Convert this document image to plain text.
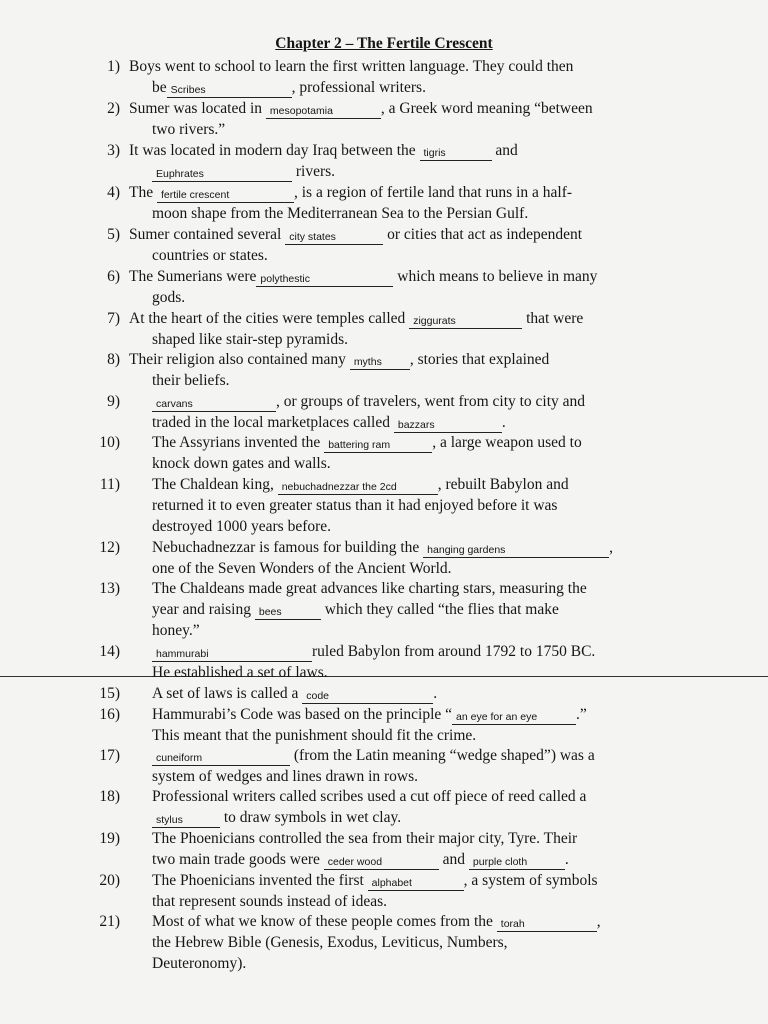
Chapter 2 – The Fertile Crescent
1) Boys went to school to learn the first written language. They could then
be Scribes	, professional writers.
2) Sumer was located in mesopotamia	, a Greek word meaning “between
two rivers.”
3) It was located in modern day Iraq between the tigris	and
Euphrates	rivers.
4) The fertile crescent	, is a region of fertile land that runs in a half-
moon shape from the Mediterranean Sea to the Persian Gulf.
5) Sumer contained several city states	or cities that act as independent
countries or states.
6) The Sumerians were polythestic	which means to believe in many
gods.
7) At the heart of the cities were temples called ziggurats	that were
shaped like stair-step pyramids.
8) Their religion also contained many myths , stories that explained
their beliefs.
9)	carvans	, or groups of travelers, went from city to city and
traded in the local marketplaces called bazzars	.
10) The Assyrians invented the battering ram	, a large weapon used to
knock down gates and walls.
11) The Chaldean king, nebuchadnezzar the 2cd	, rebuilt Babylon and
returned it to even greater status than it had enjoyed before it was
destroyed 1000 years before.
12) Nebuchadnezzar is famous for building the hanging gardens	,
one of the Seven Wonders of the Ancient World.
13) The Chaldeans made great advances like charting stars, measuring the
year and raising bees	which they called “the flies that make
honey.”
14)	hammurabi	ruled Babylon from around 1792 to 1750 BC.
He established a set of laws.
15) A set of laws is called a code	.
16) Hammurabi’s Code was based on the principle “ an eye for an eye	.”
This meant that the punishment should fit the crime.
17)	cuneiform	(from the Latin meaning “wedge shaped”) was a
system of wedges and lines drawn in rows.
18) Professional writers called scribes used a cut off piece of reed called a
stylus to draw symbols in wet clay.
19) The Phoenicians controlled the sea from their major city, Tyre. Their
two main trade goods were ceder wood	and purple cloth .
20) The Phoenicians invented the first alphabet	, a system of symbols
that represent sounds instead of ideas.
21) Most of what we know of these people comes from the torah	,
the Hebrew Bible (Genesis, Exodus, Leviticus, Numbers,
Deuteronomy).
